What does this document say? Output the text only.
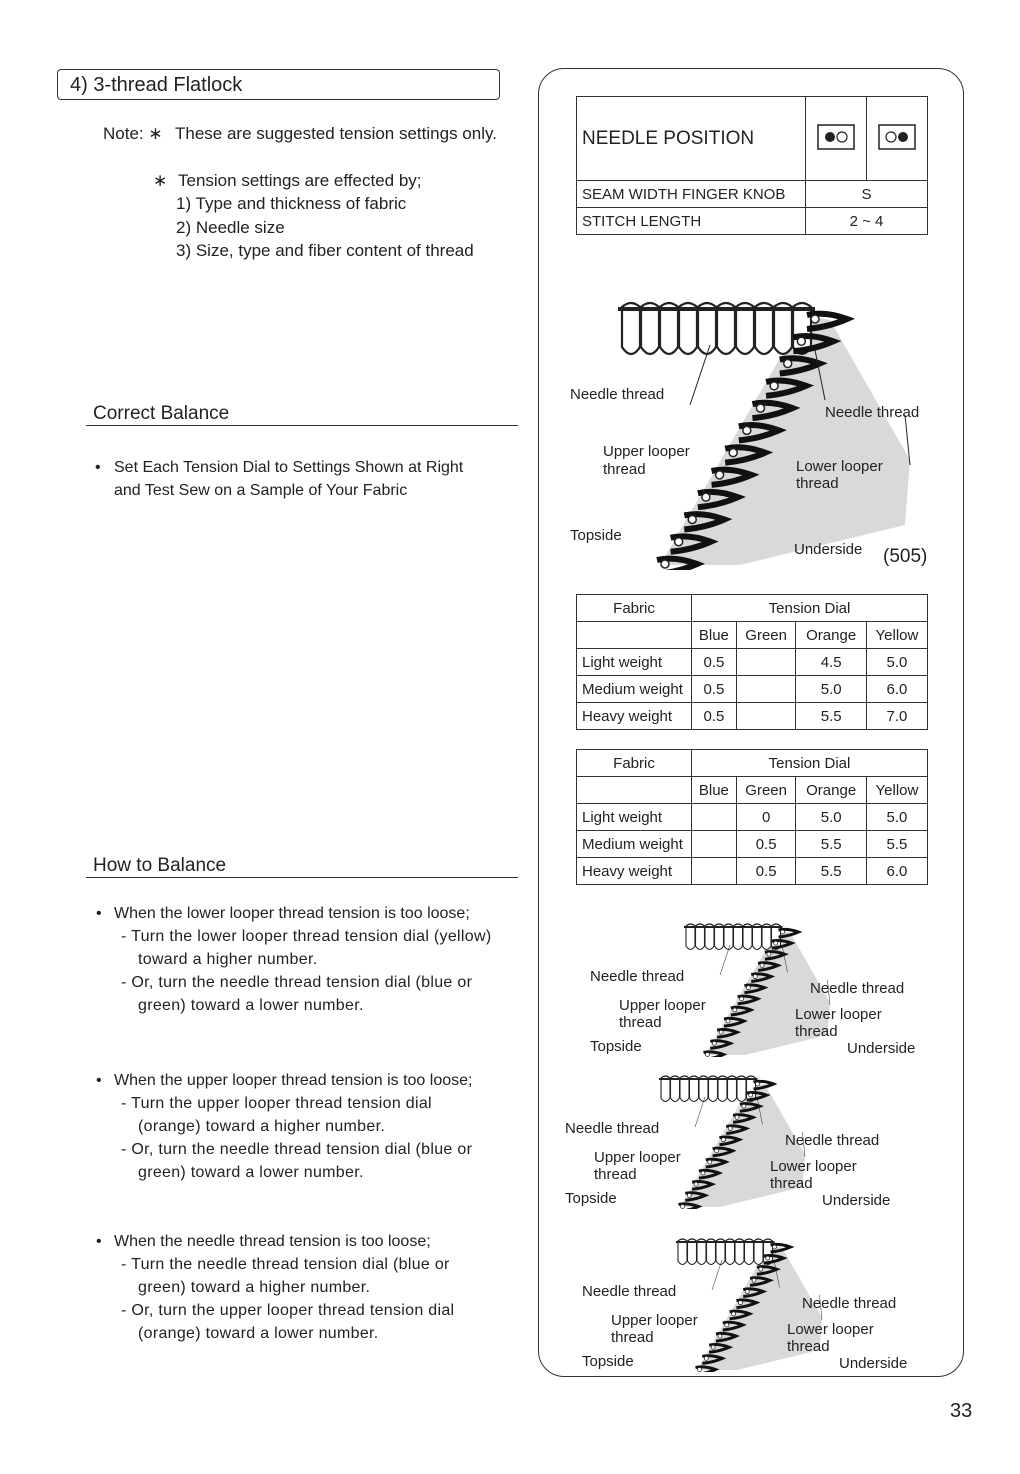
4) 3-thread Flatlock
Note: ∗ These are suggested tension settings only.
∗ Tension settings are effected by;
1) Type and thickness of fabric
2) Needle size
3) Size, type and fiber content of thread
Correct Balance
• Set Each Tension Dial to Settings Shown at Right
and Test Sew on a Sample of Your Fabric
How to Balance
• When the lower looper thread tension is too loose;
- Turn the lower looper thread tension dial (yellow)
toward a higher number.
- Or, turn the needle thread tension dial (blue or
green) toward a lower number.
• When the upper looper thread tension is too loose;
- Turn the upper looper thread tension dial
(orange) toward a higher number.
- Or, turn the needle thread tension dial (blue or
green) toward a lower number.
• When the needle thread tension is too loose;
- Turn the needle thread tension dial (blue or
green) toward a higher number.
- Or, turn the upper looper thread tension dial
(orange) toward a lower number.
NEEDLE POSITION		
SEAM WIDTH FINGER KNOB	S	
STITCH LENGTH	2 ~ 4	
Needle thread
Needle thread
Upper looper
thread	Lower looper
thread
Topside
Underside (505)
Fabric	Tension Dial			
	Blue	Green	Orange	Yellow
Light weight	0.5		4.5	5.0
Medium weight	0.5		5.0	6.0
Heavy weight	0.5		5.5	7.0
Fabric	Tension Dial			
	Blue	Green	Orange	Yellow
Light weight		0	5.0	5.0
Medium weight		0.5	5.5	5.5
Heavy weight		0.5	5.5	6.0
Needle thread
Upper looper
thread
Topside
Needle thread
Lower looper
thread
Underside
Needle thread
Upper looper
thread
Topside
Needle thread
Lower looper
thread
Underside
Needle thread
Upper looper
thread
Topside
Needle thread
Lower looper
thread
Underside
33
